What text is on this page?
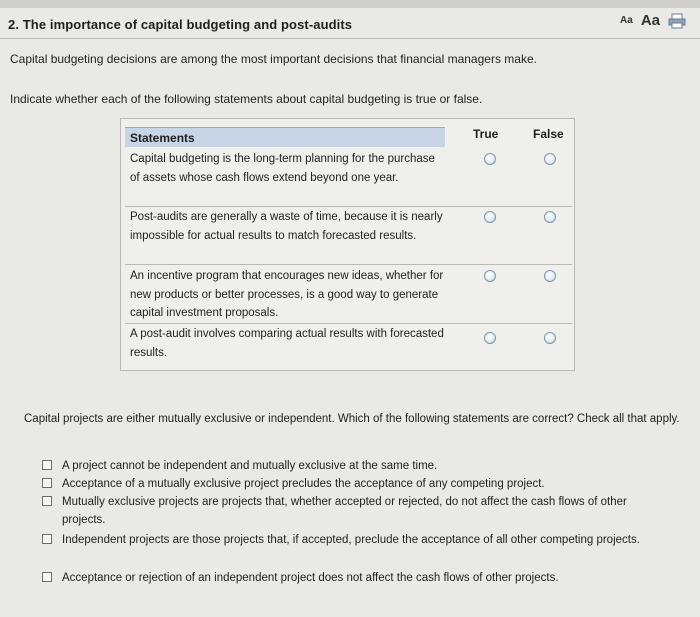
2. The importance of capital budgeting and post-audits	Aa Aa
Capital budgeting decisions are among the most important decisions that financial managers make.
Indicate whether each of the following statements about capital budgeting is true or false.
Statements	True	False
Capital budgeting is the long-term planning for the purchase of assets whose cash flows extend beyond one year.
Post-audits are generally a waste of time, because it is nearly impossible for actual results to match forecasted results.
An incentive program that encourages new ideas, whether for new products or better processes, is a good way to generate capital investment proposals.
A post-audit involves comparing actual results with forecasted results.
Capital projects are either mutually exclusive or independent. Which of the following statements are correct? Check all that apply.
A project cannot be independent and mutually exclusive at the same time.
Acceptance of a mutually exclusive project precludes the acceptance of any competing project.
Mutually exclusive projects are projects that, whether accepted or rejected, do not affect the cash flows of other projects.
Independent projects are those projects that, if accepted, preclude the acceptance of all other competing projects.
Acceptance or rejection of an independent project does not affect the cash flows of other projects.
